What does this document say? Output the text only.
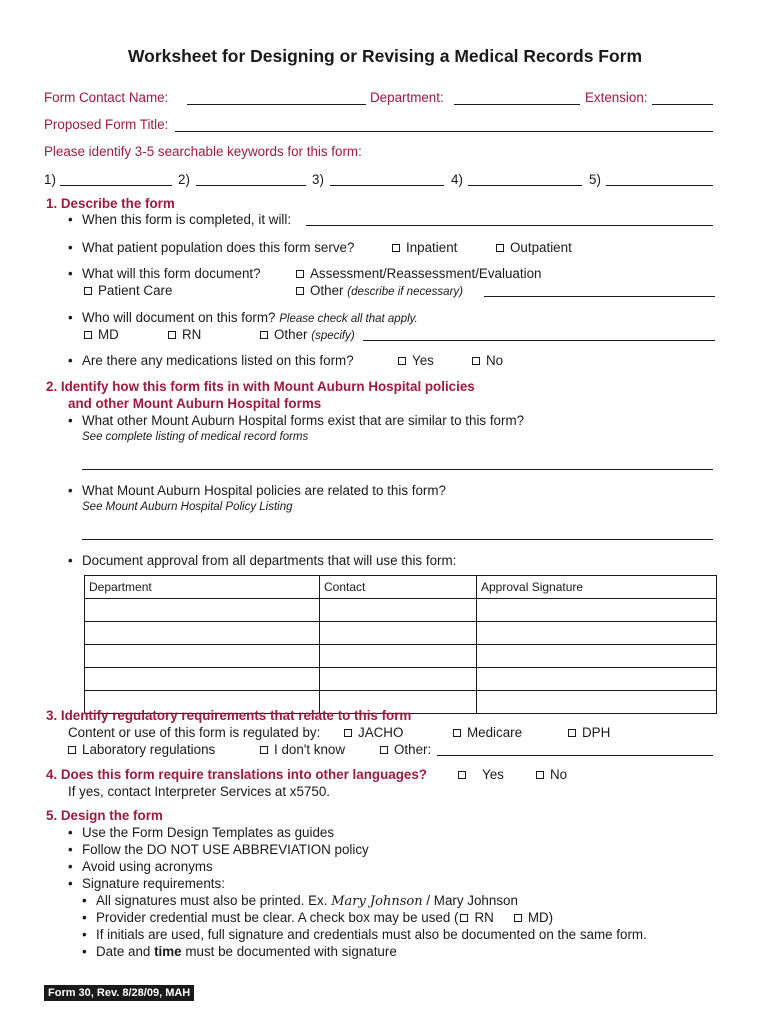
Worksheet for Designing or Revising a Medical Records Form
Form Contact Name:	Department:	Extension:
Proposed Form Title:
Please identify 3-5 searchable keywords for this form:
1)	2)	3)	4)	5)
1. Describe the form
• When this form is completed, it will:
• What patient population does this form serve?	Inpatient	Outpatient
• What will this form document?	Assessment/Reassessment/Evaluation
Patient Care	Other (describe if necessary)
• Who will document on this form? Please check all that apply.
MD	RN	Other (specify)
• Are there any medications listed on this form?	Yes	No
2. Identify how this form fits in with Mount Auburn Hospital policies
and other Mount Auburn Hospital forms
• What other Mount Auburn Hospital forms exist that are similar to this form?
See complete listing of medical record forms
• What Mount Auburn Hospital policies are related to this form?
See Mount Auburn Hospital Policy Listing
• Document approval from all departments that will use this form:
Department	Contact	Approval Signature

3. Identify regulatory requirements that relate to this form
Content or use of this form is regulated by:	JACHO	Medicare	DPH
Laboratory regulations	I don't know	Other:
4. Does this form require translations into other languages?	Yes	No
If yes, contact Interpreter Services at x5750.
5. Design the form
• Use the Form Design Templates as guides
• Follow the DO NOT USE ABBREVIATION policy
• Avoid using acronyms
• Signature requirements:
• All signatures must also be printed. Ex. Mary Johnson / Mary Johnson
• Provider credential must be clear. A check box may be used ( RN	MD)
• If initials are used, full signature and credentials must also be documented on the same form.
• Date and time must be documented with signature
Form 30, Rev. 8/28/09, MAH
